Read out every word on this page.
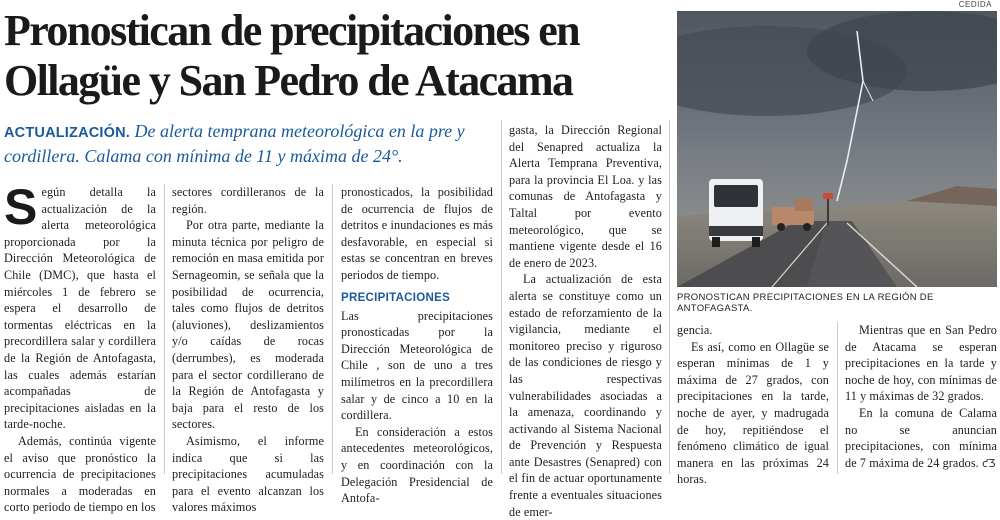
CEDIDA
Pronostican de precipitaciones en
Ollagüe y San Pedro de Atacama

ACTUALIZACIÓN. De alerta temprana meteorológica en la pre y cordillera. Calama con mínima de 11 y máxima de 24°.

Según detalla la actualización de la alerta meteorológica proporcionada por la Dirección Meteorológica de Chile (DMC), que hasta el miércoles 1 de febrero se espera el desarrollo de tormentas eléctricas en la precordillera salar y cordillera de la Región de Antofagasta, las cuales además estarían acompañadas de precipitaciones aisladas en la tarde-noche.

Además, continúa vigente el aviso que pronóstico la ocurrencia de precipitaciones normales a moderadas en corto periodo de tiempo en los

sectores cordilleranos de la región.

Por otra parte, mediante la minuta técnica por peligro de remoción en masa emitida por Sernageomin, se señala que la posibilidad de ocurrencia, tales como flujos de detritos (aluviones), deslizamientos y/o caídas de rocas (derrumbes), es moderada para el sector cordillerano de la Región de Antofagasta y baja para el resto de los sectores.

Asimismo, el informe indica que si las precipitaciones acumuladas para el evento alcanzan los valores máximos

pronosticados, la posibilidad de ocurrencia de flujos de detritos e inundaciones es más desfavorable, en especial si estas se concentran en breves periodos de tiempo.

PRECIPITACIONES

Las precipitaciones pronosticadas por la Dirección Meteorológica de Chile , son de uno a tres milímetros en la precordillera salar y de cinco a 10 en la cordillera.

En consideración a estos antecedentes meteorológicos, y en coordinación con la Delegación Presidencial de Antofa-

gasta, la Dirección Regional del Senapred actualiza la Alerta Temprana Preventiva, para la provincia El Loa. y las comunas de Antofagasta y Taltal por evento meteorológico, que se mantiene vigente desde el 16 de enero de 2023.

La actualización de esta alerta se constituye como un estado de reforzamiento de la vigilancia, mediante el monitoreo preciso y riguroso de las condiciones de riesgo y las respectivas vulnerabilidades asociadas a la amenaza, coordinando y activando al Sistema Nacional de Prevención y Respuesta ante Desastres (Senapred) con el fin de actuar oportunamente frente a eventuales situaciones de emer-

PRONOSTICAN PRECIPITACIONES EN LA REGIÓN DE ANTOFAGASTA.

gencia.

Es así, como en Ollagüe se esperan mínimas de 1 y máxima de 27 grados, con precipitaciones en la tarde, noche de ayer, y madrugada de hoy, repitiéndose el fenómeno climático de igual manera en las próximas 24 horas.

Mientras que en San Pedro de Atacama se esperan precipitaciones en la tarde y noche de hoy, con mínimas de 11 y máximas de 32 grados.

En la comuna de Calama no se anuncian precipitaciones, con mínima de 7 máxima de 24 grados. ƈƷ
